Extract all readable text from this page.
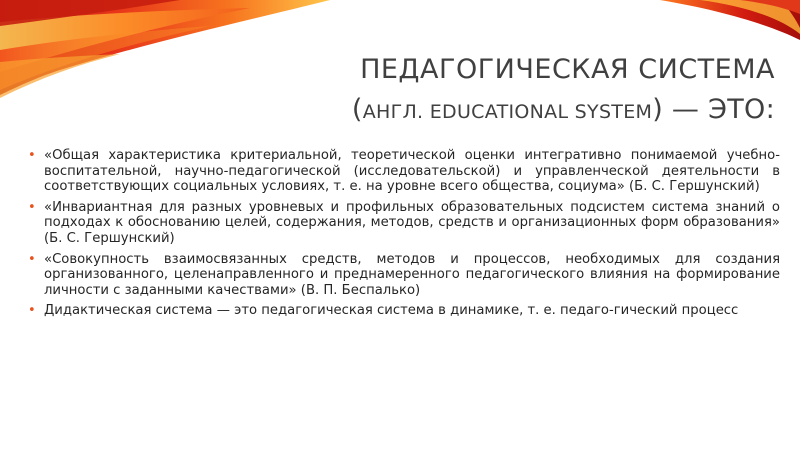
ПЕДАГОГИЧЕСКАЯ СИСТЕМА
(АНГЛ. EDUCATIONAL SYSTEM) — ЭТО:
• «Общая характеристика критериальной, теоретической оценки интегративно понимаемой учебно-воспитательной, научно-педагогической (исследовательской) и управленческой деятельности в соответствующих социальных условиях, т. е. на уровне всего общества, социума» (Б. С. Гершунский)
• «Инвариантная для разных уровневых и профильных образовательных подсистем система знаний о подходах к обоснованию целей, содержания, методов, средств и организационных форм образования» (Б. С. Гершунский)
• «Совокупность взаимосвязанных средств, методов и процессов, необходимых для создания организованного, целенаправленного и преднамеренного педагогического влияния на формирование личности с заданными качествами» (В. П. Беспалько)
• Дидактическая система — это педагогическая система в динамике, т. е. педаго-гический процесс
